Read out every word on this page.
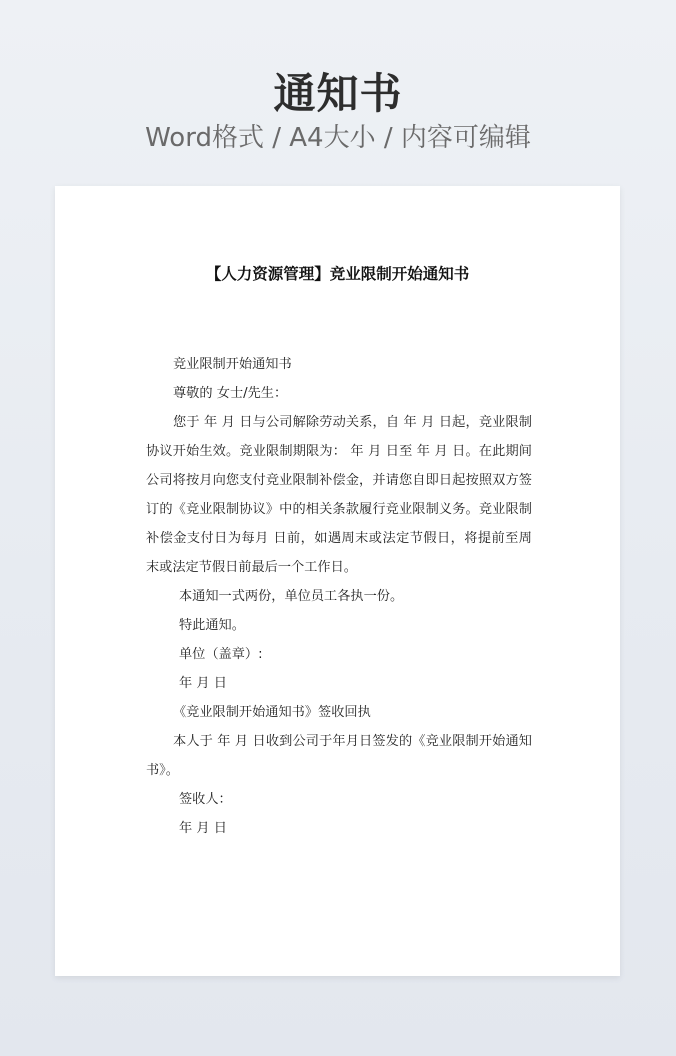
通知书
Word格式 / A4大小 / 内容可编辑
【人力资源管理】竞业限制开始通知书
竞业限制开始通知书
尊敬的 女士/先生：
您于 年 月 日与公司解除劳动关系，自 年 月 日起，竞业限制协议开始生效。竞业限制期限为： 年 月 日至 年 月 日。在此期间公司将按月向您支付竞业限制补偿金，并请您自即日起按照双方签订的《竞业限制协议》中的相关条款履行竞业限制义务。竞业限制补偿金支付日为每月 日前，如遇周末或法定节假日，将提前至周末或法定节假日前最后一个工作日。
本通知一式两份，单位员工各执一份。
特此通知。
单位（盖章）:
年 月 日
《竞业限制开始通知书》签收回执
本人于 年 月 日收到公司于年月日签发的《竞业限制开始通知书》。
签收人：
年 月 日
